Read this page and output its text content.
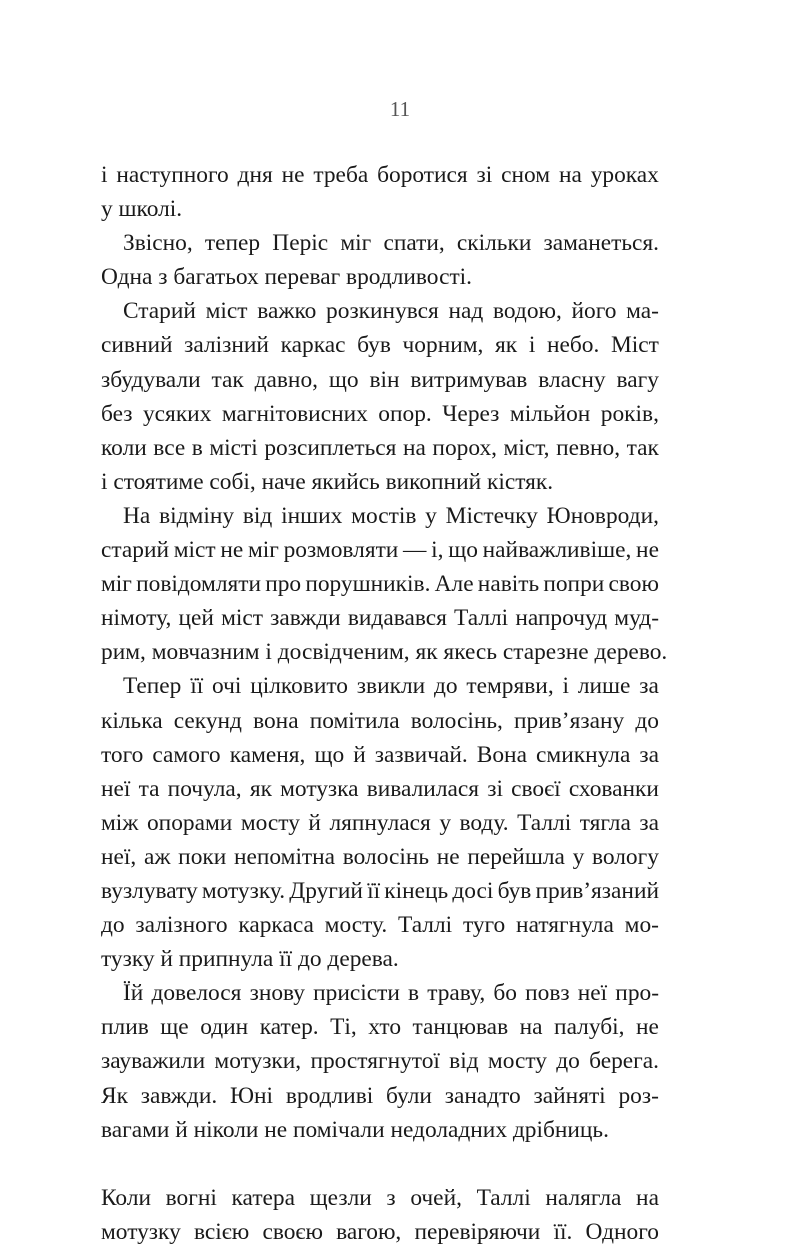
11
і наступного дня не треба боротися зі сном на уроках
у школі.
Звісно, тепер Періс міг спати, скільки заманеться.
Одна з багатьох переваг вродливості.
Старий міст важко розкинувся над водою, його ма-
сивний залізний каркас був чорним, як і небо. Міст
збудували так давно, що він витримував власну вагу
без усяких магнітовисних опор. Через мільйон років,
коли все в місті розсиплеться на порох, міст, певно, так
і стоятиме собі, наче якийсь викопний кістяк.
На відміну від інших мостів у Містечку Юновроди,
старий міст не міг розмовляти — і, що найважливіше, не
міг повідомляти про порушників. Але навіть попри свою
німоту, цей міст завжди видавався Таллі напрочуд муд-
рим, мовчазним і досвідченим, як якесь старезне дерево.
Тепер її очі цілковито звикли до темряви, і лише за
кілька секунд вона помітила волосінь, прив’язану до
того самого каменя, що й зазвичай. Вона смикнула за
неї та почула, як мотузка вивалилася зі своєї схованки
між опорами мосту й ляпнулася у воду. Таллі тягла за
неї, аж поки непомітна волосінь не перейшла у вологу
вузлувату мотузку. Другий її кінець досі був прив’язаний
до залізного каркаса мосту. Таллі туго натягнула мо-
тузку й припнула її до дерева.
Їй довелося знову присісти в траву, бо повз неї про-
плив ще один катер. Ті, хто танцював на палубі, не
зауважили мотузки, простягнутої від мосту до берега.
Як завжди. Юні вродливі були занадто зайняті роз-
вагами й ніколи не помічали недоладних дрібниць.
Коли вогні катера щезли з очей, Таллі налягла на
мотузку всією своєю вагою, перевіряючи її. Одного
